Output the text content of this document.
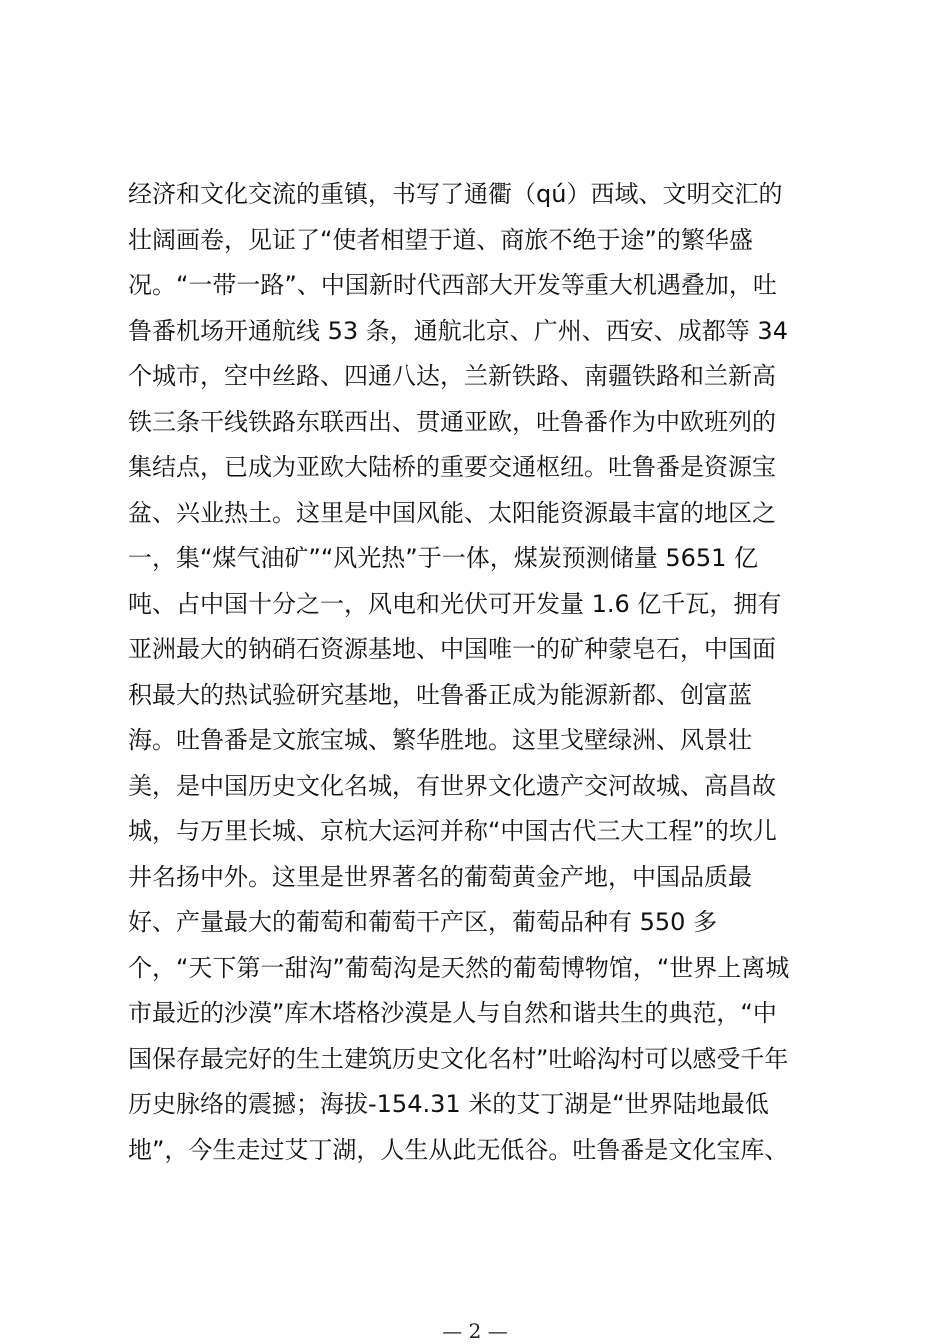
经济和文化交流的重镇，书写了通衢（qú）西域、文明交汇的
壮阔画卷，见证了“使者相望于道、商旅不绝于途”的繁华盛
况。“一带一路”、中国新时代西部大开发等重大机遇叠加，吐
鲁番机场开通航线 53 条，通航北京、广州、西安、成都等 34
个城市，空中丝路、四通八达，兰新铁路、南疆铁路和兰新高
铁三条干线铁路东联西出、贯通亚欧，吐鲁番作为中欧班列的
集结点，已成为亚欧大陆桥的重要交通枢纽。吐鲁番是资源宝
盆、兴业热土。这里是中国风能、太阳能资源最丰富的地区之
一，集“煤气油矿”“风光热”于一体，煤炭预测储量 5651 亿
吨、占中国十分之一，风电和光伏可开发量 1.6 亿千瓦，拥有
亚洲最大的钠硝石资源基地、中国唯一的矿种蒙皂石，中国面
积最大的热试验研究基地，吐鲁番正成为能源新都、创富蓝
海。吐鲁番是文旅宝城、繁华胜地。这里戈壁绿洲、风景壮
美，是中国历史文化名城，有世界文化遗产交河故城、高昌故
城，与万里长城、京杭大运河并称“中国古代三大工程”的坎儿
井名扬中外。这里是世界著名的葡萄黄金产地，中国品质最
好、产量最大的葡萄和葡萄干产区，葡萄品种有 550 多
个，“天下第一甜沟”葡萄沟是天然的葡萄博物馆，“世界上离城
市最近的沙漠”库木塔格沙漠是人与自然和谐共生的典范，“中
国保存最完好的生土建筑历史文化名村”吐峪沟村可以感受千年
历史脉络的震撼；海拔-154.31 米的艾丁湖是“世界陆地最低
地”，今生走过艾丁湖，人生从此无低谷。吐鲁番是文化宝库、
— 2 —
